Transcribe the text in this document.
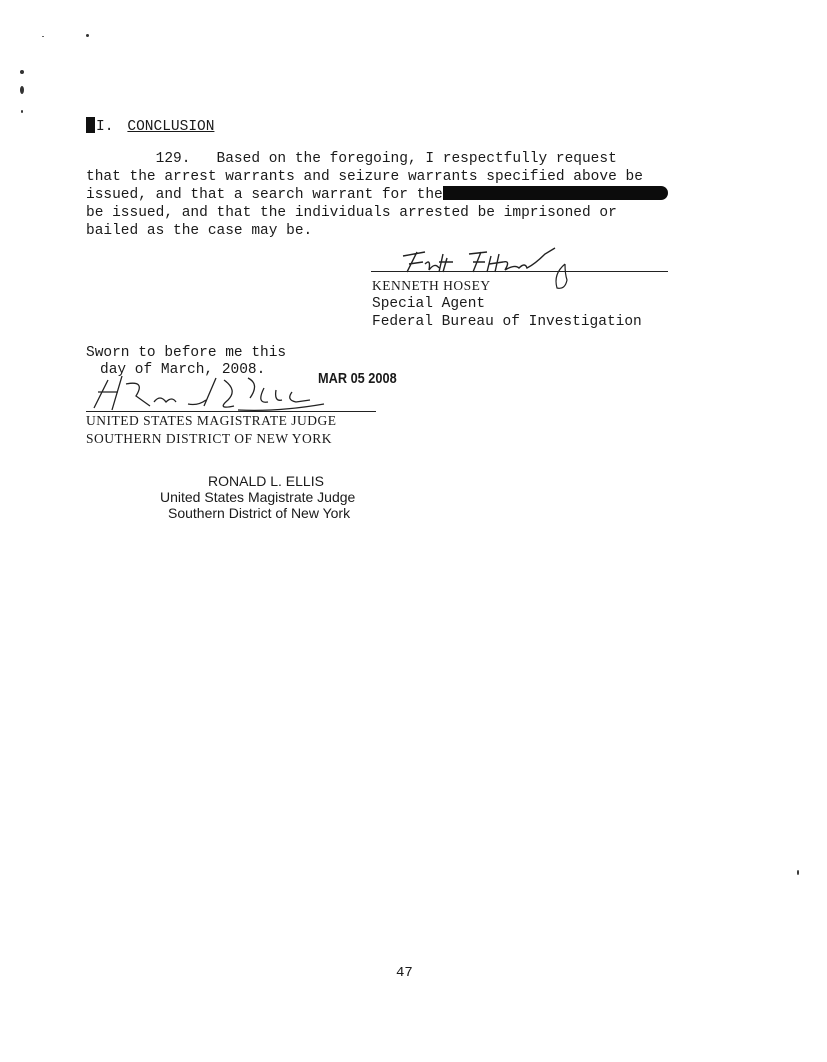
I. CONCLUSION
129.   Based on the foregoing, I respectfully request
that the arrest warrants and seizure warrants specified above be
issued, and that a search warrant for the
be issued, and that the individuals arrested be imprisoned or
bailed as the case may be.
KENNETH HOSEY
Special Agent
Federal Bureau of Investigation
Sworn to before me this
day of March, 2008.	MAR 05 2008
UNITED STATES MAGISTRATE JUDGE
SOUTHERN DISTRICT OF NEW YORK
RONALD L. ELLIS
United States Magistrate Judge
Southern District of New York
47
